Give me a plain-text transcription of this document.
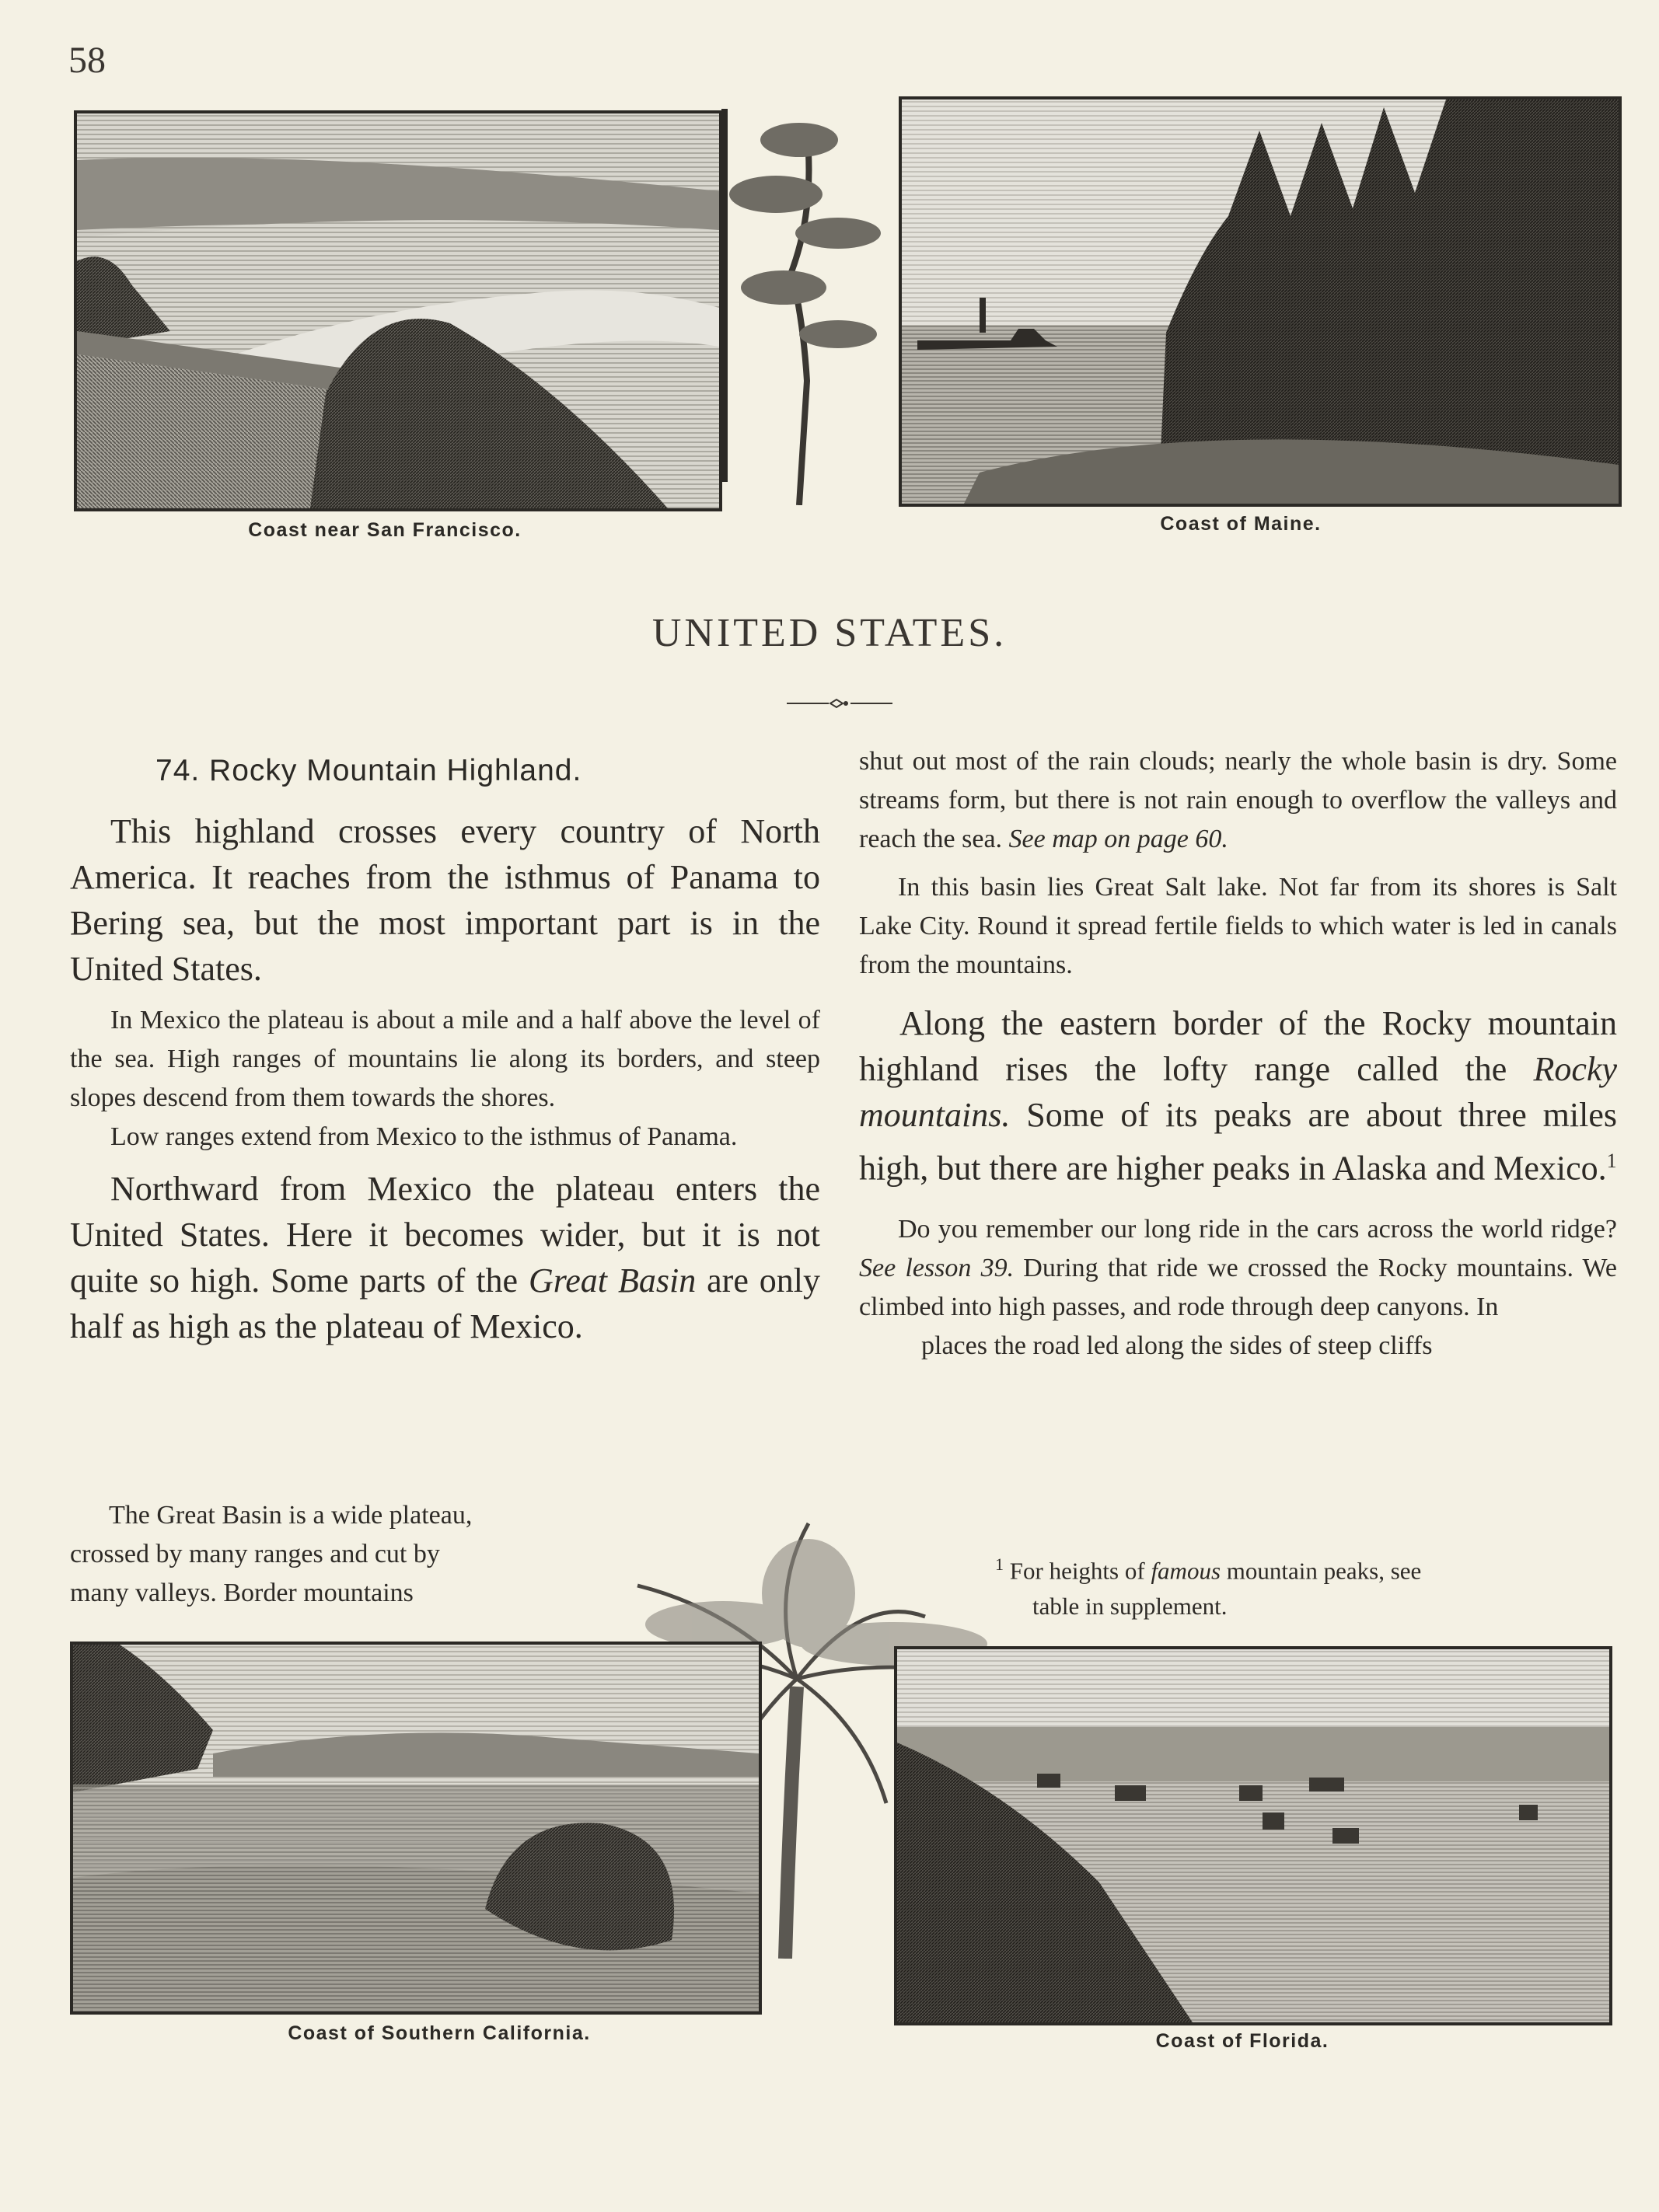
58
Coast near San Francisco.	Coast of Maine.
UNITED STATES.
74. Rocky Mountain Highland.

This highland crosses every country of North America. It reaches from the isthmus of Panama to Bering sea, but the most important part is in the United States.

In Mexico the plateau is about a mile and a half above the level of the sea. High ranges of mountains lie along its borders, and steep slopes descend from them towards the shores.

Low ranges extend from Mexico to the isthmus of Panama.

Northward from Mexico the plateau enters the United States. Here it becomes wider, but it is not quite so high. Some parts of the Great Basin are only half as high as the plateau of Mexico.

The Great Basin is a wide plateau,
crossed by many ranges and cut by
many valleys. Border mountains

shut out most of the rain clouds; nearly the whole basin is dry. Some streams form, but there is not rain enough to overflow the valleys and reach the sea. See map on page 60.

In this basin lies Great Salt lake. Not far from its shores is Salt Lake City. Round it spread fertile fields to which water is led in canals from the mountains.

Along the eastern border of the Rocky mountain highland rises the lofty range called the Rocky mountains. Some of its peaks are about three miles high, but there are higher peaks in Alaska and Mexico.$^1$

Do you remember our long ride in the cars across the world ridge? See lesson 39. During that ride we crossed the Rocky mountains. We climbed into high passes, and rode through deep canyons. In

places the road led along the sides of steep cliffs
$^1$ For heights of famous mountain peaks, see
table in supplement.
Coast of Southern California.	Coast of Florida.
